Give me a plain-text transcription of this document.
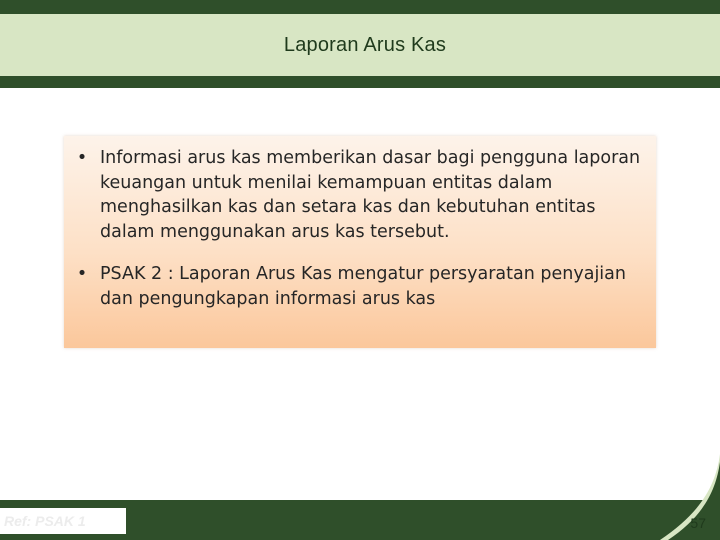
Laporan Arus Kas
• Informasi arus kas memberikan dasar bagi pengguna laporan keuangan untuk menilai kemampuan entitas dalam menghasilkan kas dan setara kas dan kebutuhan entitas dalam menggunakan arus kas tersebut.
• PSAK 2 : Laporan Arus Kas mengatur persyaratan penyajian dan pengungkapan informasi arus kas
Ref: PSAK 1	57
